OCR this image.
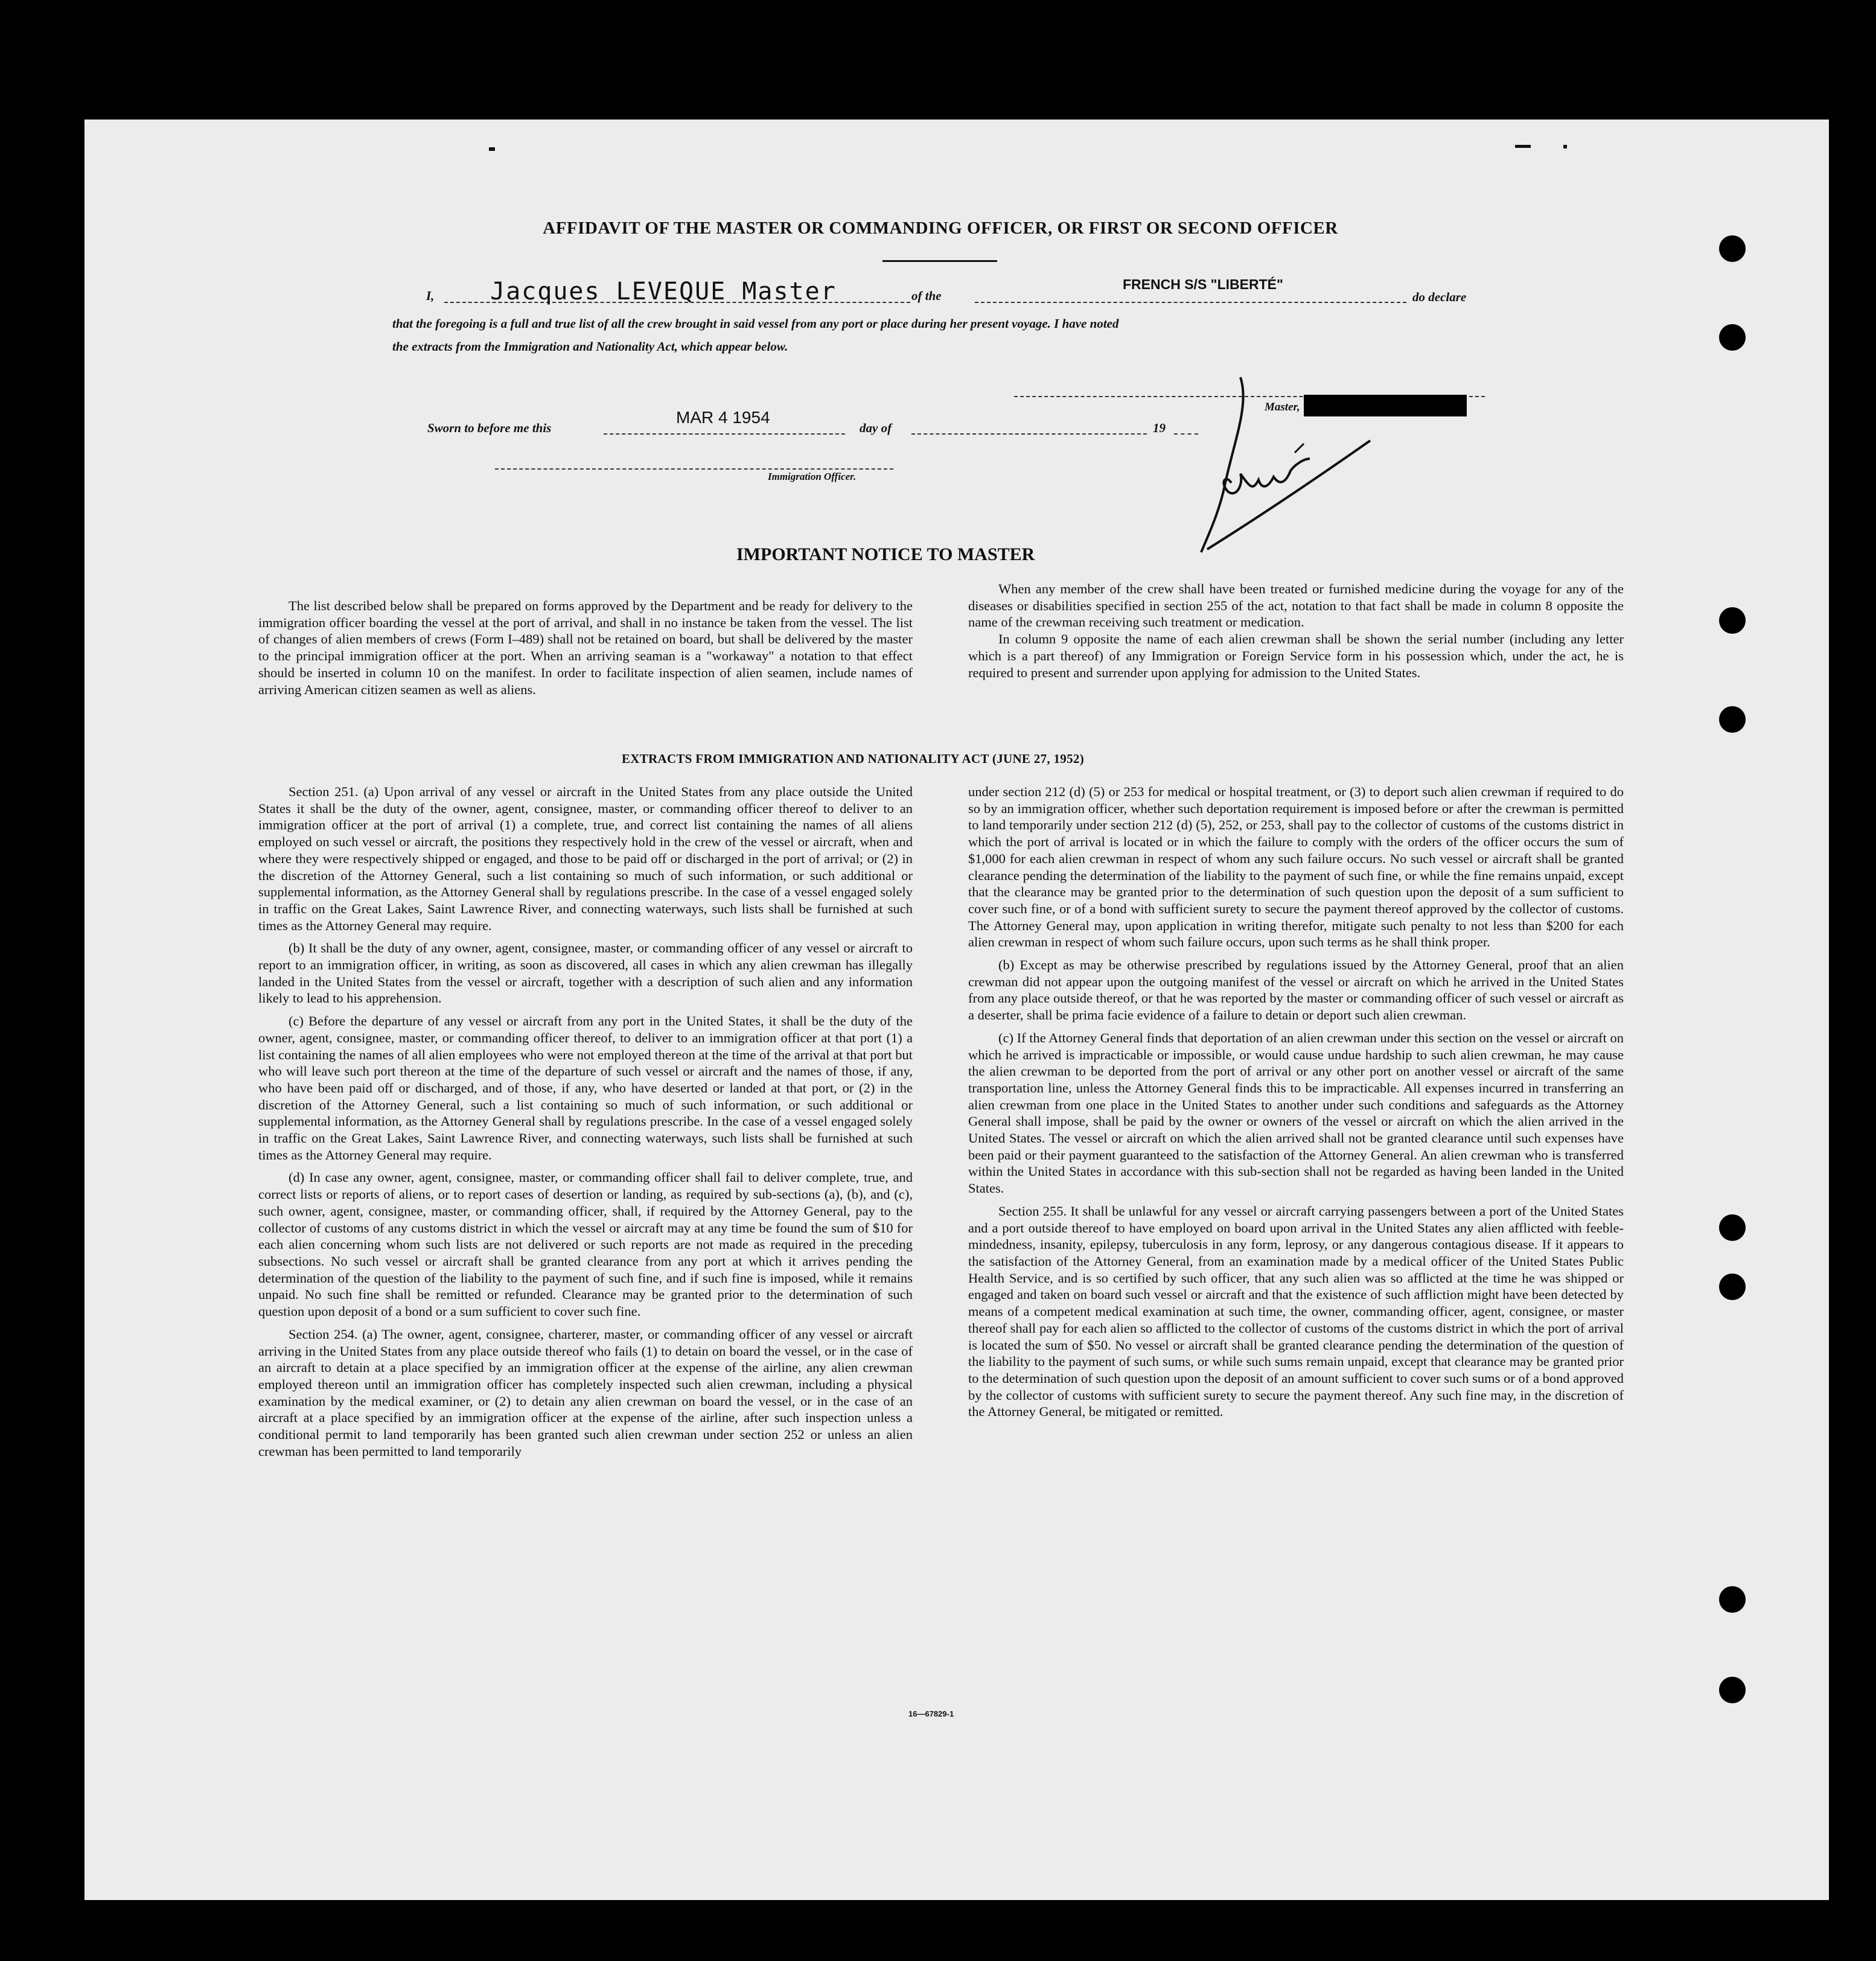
AFFIDAVIT OF THE MASTER OR COMMANDING OFFICER, OR FIRST OR SECOND OFFICER
I, Jacques LEVEQUE Master	of the
FRENCH S/S "LIBERTÉ"
do declare
that the foregoing is a full and true list of all the crew brought in said vessel from any port or place during her present voyage. I have noted
the extracts from the Immigration and Nationality Act, which appear below.
Sworn to before me this
MAR 4 1954
day of	19
Master,
Immigration Officer.
IMPORTANT NOTICE TO MASTER

The list described below shall be prepared on forms approved by the Department and be ready for delivery to the immigration officer boarding the vessel at the port of arrival, and shall in no instance be taken from the vessel. The list of changes of alien members of crews (Form I–489) shall not be retained on board, but shall be delivered by the master to the principal immigration officer at the port. When an arriving seaman is a "workaway" a notation to that effect should be inserted in column 10 on the manifest. In order to facilitate inspection of alien seamen, include names of arriving American citizen seamen as well as aliens.

When any member of the crew shall have been treated or furnished medicine during the voyage for any of the diseases or disabilities specified in section 255 of the act, notation to that fact shall be made in column 8 opposite the name of the crewman receiving such treatment or medication.

In column 9 opposite the name of each alien crewman shall be shown the serial number (including any letter which is a part thereof) of any Immigration or Foreign Service form in his possession which, under the act, he is required to present and surrender upon applying for admission to the United States.

EXTRACTS FROM IMMIGRATION AND NATIONALITY ACT (JUNE 27, 1952)

Section 251. (a) Upon arrival of any vessel or aircraft in the United States from any place outside the United States it shall be the duty of the owner, agent, consignee, master, or commanding officer thereof to deliver to an immigration officer at the port of arrival (1) a complete, true, and correct list containing the names of all aliens employed on such vessel or aircraft, the positions they respectively hold in the crew of the vessel or aircraft, when and where they were respectively shipped or engaged, and those to be paid off or discharged in the port of arrival; or (2) in the discretion of the Attorney General, such a list containing so much of such information, or such additional or supplemental information, as the Attorney General shall by regulations prescribe. In the case of a vessel engaged solely in traffic on the Great Lakes, Saint Lawrence River, and connecting waterways, such lists shall be furnished at such times as the Attorney General may require.

(b) It shall be the duty of any owner, agent, consignee, master, or commanding officer of any vessel or aircraft to report to an immigration officer, in writing, as soon as discovered, all cases in which any alien crewman has illegally landed in the United States from the vessel or aircraft, together with a description of such alien and any information likely to lead to his apprehension.

(c) Before the departure of any vessel or aircraft from any port in the United States, it shall be the duty of the owner, agent, consignee, master, or commanding officer thereof, to deliver to an immigration officer at that port (1) a list containing the names of all alien employees who were not employed thereon at the time of the arrival at that port but who will leave such port thereon at the time of the departure of such vessel or aircraft and the names of those, if any, who have been paid off or discharged, and of those, if any, who have deserted or landed at that port, or (2) in the discretion of the Attorney General, such a list containing so much of such information, or such additional or supplemental information, as the Attorney General shall by regulations prescribe. In the case of a vessel engaged solely in traffic on the Great Lakes, Saint Lawrence River, and connecting waterways, such lists shall be furnished at such times as the Attorney General may require.

(d) In case any owner, agent, consignee, master, or commanding officer shall fail to deliver complete, true, and correct lists or reports of aliens, or to report cases of desertion or landing, as required by sub-sections (a), (b), and (c), such owner, agent, consignee, master, or commanding officer, shall, if required by the Attorney General, pay to the collector of customs of any customs district in which the vessel or aircraft may at any time be found the sum of $10 for each alien concerning whom such lists are not delivered or such reports are not made as required in the preceding subsections. No such vessel or aircraft shall be granted clearance from any port at which it arrives pending the determination of the question of the liability to the payment of such fine, and if such fine is imposed, while it remains unpaid. No such fine shall be remitted or refunded. Clearance may be granted prior to the determination of such question upon deposit of a bond or a sum sufficient to cover such fine.

Section 254. (a) The owner, agent, consignee, charterer, master, or commanding officer of any vessel or aircraft arriving in the United States from any place outside thereof who fails (1) to detain on board the vessel, or in the case of an aircraft to detain at a place specified by an immigration officer at the expense of the airline, any alien crewman employed thereon until an immigration officer has completely inspected such alien crewman, including a physical examination by the medical examiner, or (2) to detain any alien crewman on board the vessel, or in the case of an aircraft at a place specified by an immigration officer at the expense of the airline, after such inspection unless a conditional permit to land temporarily has been granted such alien crewman under section 252 or unless an alien crewman has been permitted to land temporarily

under section 212 (d) (5) or 253 for medical or hospital treatment, or (3) to deport such alien crewman if required to do so by an immigration officer, whether such deportation requirement is imposed before or after the crewman is permitted to land temporarily under section 212 (d) (5), 252, or 253, shall pay to the collector of customs of the customs district in which the port of arrival is located or in which the failure to comply with the orders of the officer occurs the sum of $1,000 for each alien crewman in respect of whom any such failure occurs. No such vessel or aircraft shall be granted clearance pending the determination of the liability to the payment of such fine, or while the fine remains unpaid, except that the clearance may be granted prior to the determination of such question upon the deposit of a sum sufficient to cover such fine, or of a bond with sufficient surety to secure the payment thereof approved by the collector of customs. The Attorney General may, upon application in writing therefor, mitigate such penalty to not less than $200 for each alien crewman in respect of whom such failure occurs, upon such terms as he shall think proper.

(b) Except as may be otherwise prescribed by regulations issued by the Attorney General, proof that an alien crewman did not appear upon the outgoing manifest of the vessel or aircraft on which he arrived in the United States from any place outside thereof, or that he was reported by the master or commanding officer of such vessel or aircraft as a deserter, shall be prima facie evidence of a failure to detain or deport such alien crewman.

(c) If the Attorney General finds that deportation of an alien crewman under this section on the vessel or aircraft on which he arrived is impracticable or impossible, or would cause undue hardship to such alien crewman, he may cause the alien crewman to be deported from the port of arrival or any other port on another vessel or aircraft of the same transportation line, unless the Attorney General finds this to be impracticable. All expenses incurred in transferring an alien crewman from one place in the United States to another under such conditions and safeguards as the Attorney General shall impose, shall be paid by the owner or owners of the vessel or aircraft on which the alien arrived in the United States. The vessel or aircraft on which the alien arrived shall not be granted clearance until such expenses have been paid or their payment guaranteed to the satisfaction of the Attorney General. An alien crewman who is transferred within the United States in accordance with this sub-section shall not be regarded as having been landed in the United States.

Section 255. It shall be unlawful for any vessel or aircraft carrying passengers between a port of the United States and a port outside thereof to have employed on board upon arrival in the United States any alien afflicted with feeble-mindedness, insanity, epilepsy, tuberculosis in any form, leprosy, or any dangerous contagious disease. If it appears to the satisfaction of the Attorney General, from an examination made by a medical officer of the United States Public Health Service, and is so certified by such officer, that any such alien was so afflicted at the time he was shipped or engaged and taken on board such vessel or aircraft and that the existence of such affliction might have been detected by means of a competent medical examination at such time, the owner, commanding officer, agent, consignee, or master thereof shall pay for each alien so afflicted to the collector of customs of the customs district in which the port of arrival is located the sum of $50. No vessel or aircraft shall be granted clearance pending the determination of the question of the liability to the payment of such sums, or while such sums remain unpaid, except that clearance may be granted prior to the determination of such question upon the deposit of an amount sufficient to cover such sums or of a bond approved by the collector of customs with sufficient surety to secure the payment thereof. Any such fine may, in the discretion of the Attorney General, be mitigated or remitted.

16—67829-1
